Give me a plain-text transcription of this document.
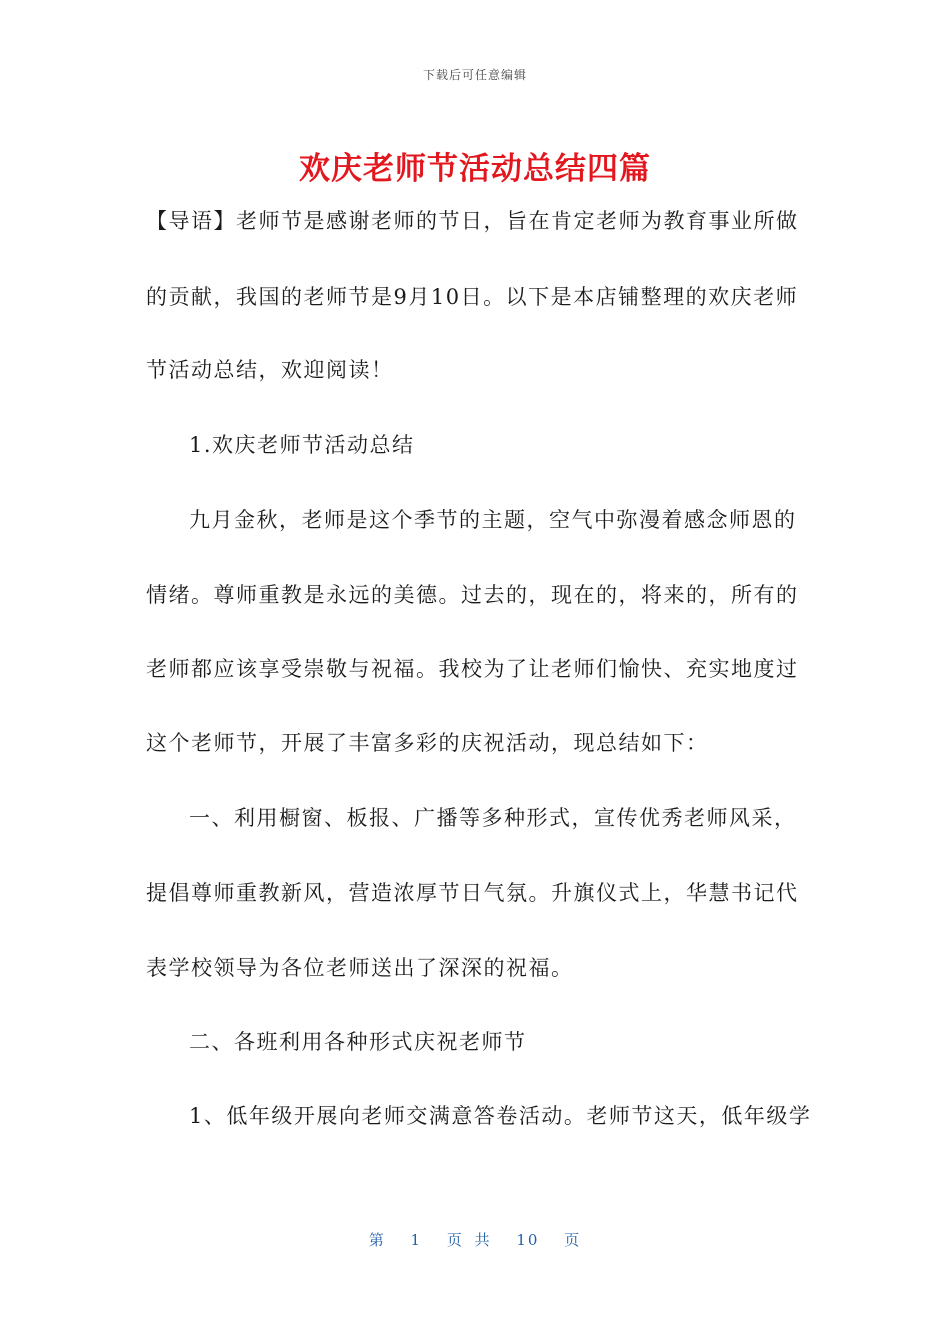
下载后可任意编辑
欢庆老师节活动总结四篇
【导语】老师节是感谢老师的节日，旨在肯定老师为教育事业所做
的贡献，我国的老师节是9月10日。以下是本店铺整理的欢庆老师
节活动总结，欢迎阅读！
1.欢庆老师节活动总结
九月金秋，老师是这个季节的主题，空气中弥漫着感念师恩的
情绪。尊师重教是永远的美德。过去的，现在的，将来的，所有的
老师都应该享受崇敬与祝福。我校为了让老师们愉快、充实地度过
这个老师节，开展了丰富多彩的庆祝活动，现总结如下：
一、利用橱窗、板报、广播等多种形式，宣传优秀老师风采，
提倡尊师重教新风，营造浓厚节日气氛。升旗仪式上，华慧书记代
表学校领导为各位老师送出了深深的祝福。
二、各班利用各种形式庆祝老师节
1、低年级开展向老师交满意答卷活动。老师节这天，低年级学
第 1 页 共 10 页
